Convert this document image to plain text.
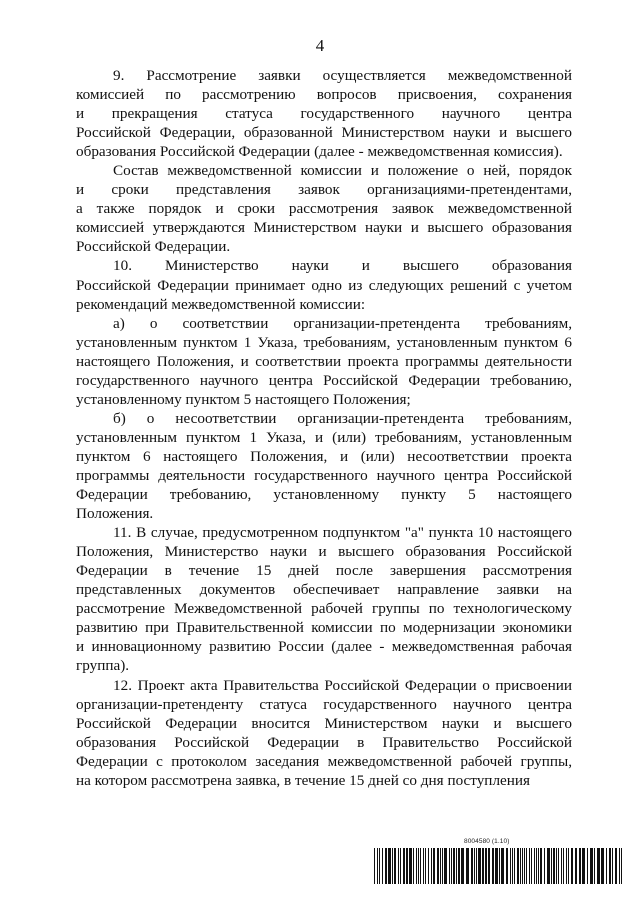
4
9. Рассмотрение заявки осуществляется межведомственной
комиссией по рассмотрению вопросов присвоения, сохранения
и прекращения статуса государственного научного центра
Российской Федерации, образованной Министерством науки и высшего
образования Российской Федерации (далее - межведомственная комиссия).
Состав межведомственной комиссии и положение о ней, порядок
и сроки представления заявок организациями-претендентами,
а также порядок и сроки рассмотрения заявок межведомственной
комиссией утверждаются Министерством науки и высшего образования
Российской Федерации.
10. Министерство науки и высшего образования
Российской Федерации принимает одно из следующих решений с учетом
рекомендаций межведомственной комиссии:
а) о соответствии организации-претендента требованиям,
установленным пунктом 1 Указа, требованиям, установленным пунктом 6
настоящего Положения, и соответствии проекта программы деятельности
государственного научного центра Российской Федерации требованию,
установленному пунктом 5 настоящего Положения;
б) о несоответствии организации-претендента требованиям,
установленным пунктом 1 Указа, и (или) требованиям, установленным
пунктом 6 настоящего Положения, и (или) несоответствии проекта
программы деятельности государственного научного центра Российской
Федерации требованию, установленному пункту 5 настоящего
Положения.
11. В случае, предусмотренном подпунктом "а" пункта 10 настоящего
Положения, Министерство науки и высшего образования Российской
Федерации в течение 15 дней после завершения рассмотрения
представленных документов обеспечивает направление заявки на
рассмотрение Межведомственной рабочей группы по технологическому
развитию при Правительственной комиссии по модернизации экономики
и инновационному развитию России (далее - межведомственная рабочая
группа).
12. Проект акта Правительства Российской Федерации о присвоении
организации-претенденту статуса государственного научного центра
Российской Федерации вносится Министерством науки и высшего
образования Российской Федерации в Правительство Российской
Федерации с протоколом заседания межведомственной рабочей группы,
на котором рассмотрена заявка, в течение 15 дней со дня поступления
8004580 (1.10)
